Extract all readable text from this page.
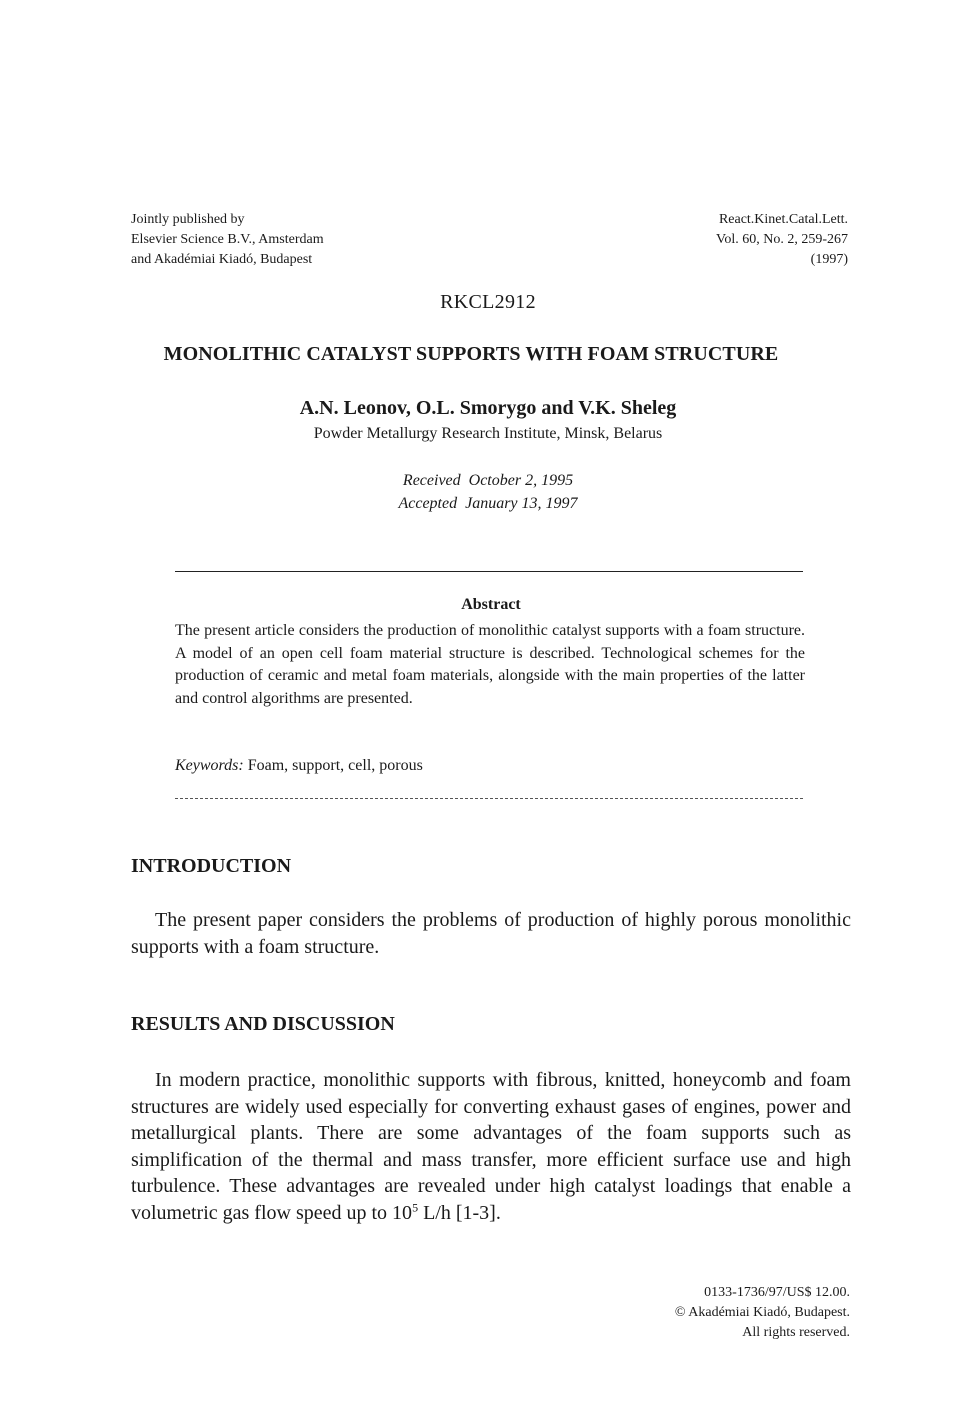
Jointly published by
Elsevier Science B.V., Amsterdam
and Akadémiai Kiadó, Budapest
React.Kinet.Catal.Lett.
Vol. 60, No. 2, 259-267
(1997)
RKCL2912
MONOLITHIC CATALYST SUPPORTS WITH FOAM STRUCTURE
A.N. Leonov, O.L. Smorygo and V.K. Sheleg
Powder Metallurgy Research Institute, Minsk, Belarus
Received  October 2, 1995
Accepted  January 13, 1997
Abstract
The present article considers the production of monolithic catalyst supports with a foam structure. A model of an open cell foam material structure is described. Technological schemes for the production of ceramic and metal foam materials, alongside with the main properties of the latter and control algorithms are presented.
Keywords: Foam, support, cell, porous
INTRODUCTION

The present paper considers the problems of production of highly porous monolithic supports with a foam structure.

RESULTS AND DISCUSSION

In modern practice, monolithic supports with fibrous, knitted, honeycomb and foam structures are widely used especially for converting exhaust gases of engines, power and metallurgical plants. There are some advantages of the foam supports such as simplification of the thermal and mass transfer, more efficient surface use and high turbulence. These advantages are revealed under high catalyst loadings that enable a volumetric gas flow speed up to $10^5$ L/h [1-3].

0133-1736/97/US$ 12.00.
© Akadémiai Kiadó, Budapest.
All rights reserved.
